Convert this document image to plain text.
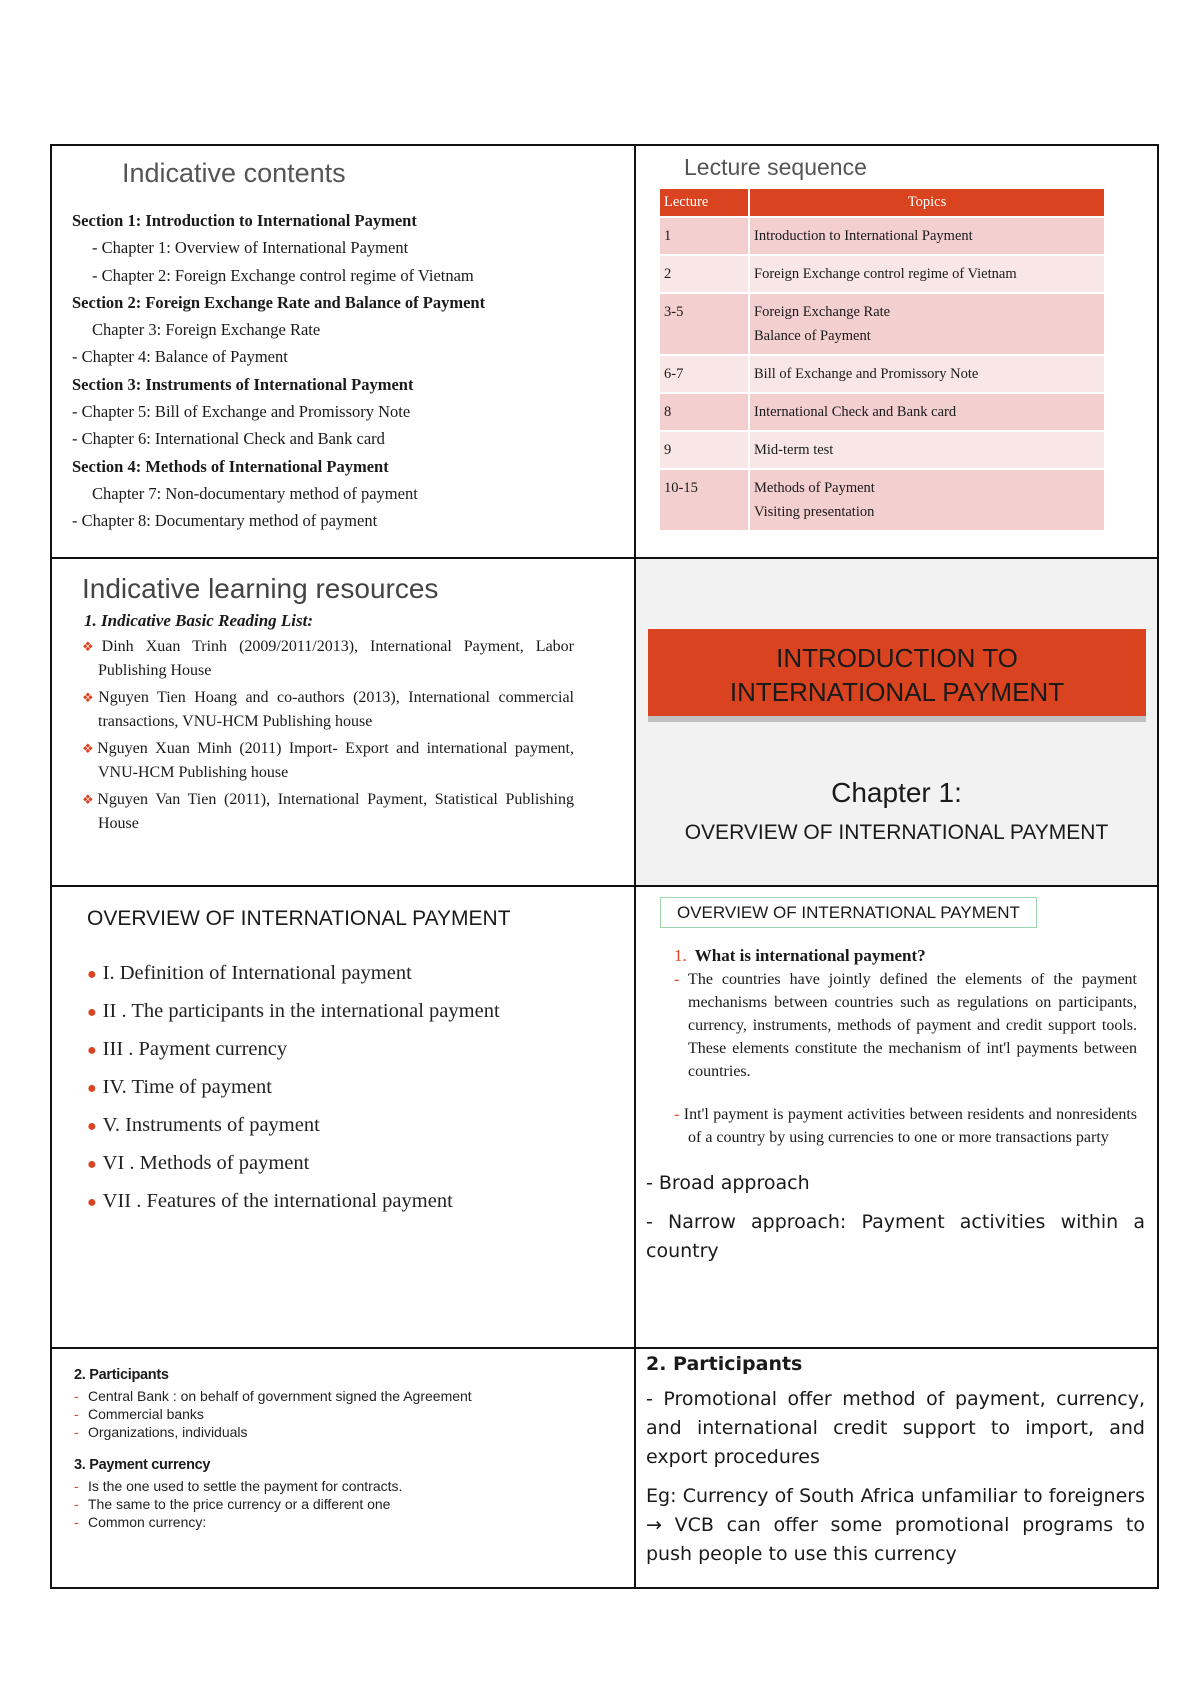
Indicative contents
Section 1: Introduction to International Payment
- Chapter 1: Overview of International Payment
- Chapter 2: Foreign Exchange control regime of Vietnam
Section 2: Foreign Exchange Rate and Balance of Payment
Chapter 3: Foreign Exchange Rate
- Chapter 4: Balance of Payment
Section 3: Instruments of International Payment
- Chapter 5: Bill of Exchange and Promissory Note
- Chapter 6: International Check and Bank card
Section 4: Methods of International Payment
Chapter 7: Non-documentary method of payment
- Chapter 8: Documentary method of payment
Lecture sequence
Lecture	Topics
1	Introduction to International Payment

2	Foreign Exchange control regime of Vietnam

3-5	Foreign Exchange Rate
Balance of Payment

6-7	Bill of Exchange and Promissory Note

8	International Check and Bank card

9	Mid-term test

10-15	Methods of Payment
Visiting presentation
Indicative learning resources
1. Indicative Basic Reading List:
❖Dinh Xuan Trinh (2009/2011/2013), International Payment, Labor Publishing House
❖Nguyen Tien Hoang and co-authors (2013), International commercial transactions, VNU-HCM Publishing house
❖Nguyen Xuan Minh (2011) Import- Export and international payment, VNU-HCM Publishing house
❖Nguyen Van Tien (2011), International Payment, Statistical Publishing House
INTRODUCTION TO
INTERNATIONAL PAYMENT
Chapter 1:
OVERVIEW OF INTERNATIONAL PAYMENT
OVERVIEW OF INTERNATIONAL PAYMENT
● I. Definition of International payment
● II . The participants in the international payment
● III . Payment currency
● IV. Time of payment
● V. Instruments of payment
● VI . Methods of payment
● VII . Features of the international payment
OVERVIEW OF INTERNATIONAL PAYMENT
1. What is international payment?
- The countries have jointly defined the elements of the payment mechanisms between countries such as regulations on participants, currency, instruments, methods of payment and credit support tools. These elements constitute the mechanism of int'l payments between countries.
- Int'l payment is payment activities between residents and nonresidents of a country by using currencies to one or more transactions party
- Broad approach
- Narrow approach: Payment activities within a country
2. Participants
- Central Bank : on behalf of government signed the Agreement
- Commercial banks
- Organizations, individuals
3. Payment currency
- Is the one used to settle the payment for contracts.
- The same to the price currency or a different one
- Common currency:
2. Participants

- Promotional offer method of payment, currency, and international credit support to import, and export procedures

Eg: Currency of South Africa unfamiliar to foreigners → VCB can offer some promotional programs to push people to use this currency
